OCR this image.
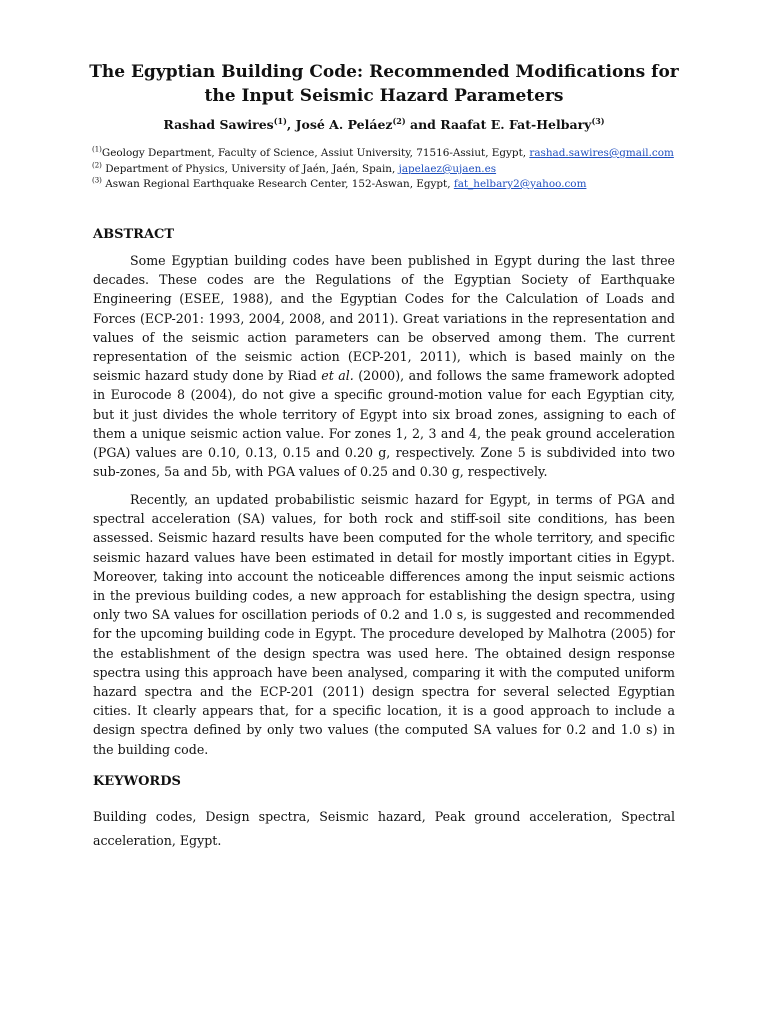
The Egyptian Building Code: Recommended Modifications for
the Input Seismic Hazard Parameters
Rashad Sawires$^{(1)}$, José A. Peláez$^{(2)}$ and Raafat E. Fat-Helbary$^{(3)}$
$^{(1)}$Geology Department, Faculty of Science, Assiut University, 71516-Assiut, Egypt, rashad.sawires@gmail.com
$^{(2)}$ Department of Physics, University of Jaén, Jaén, Spain, japelaez@ujaen.es
$^{(3)}$ Aswan Regional Earthquake Research Center, 152-Aswan, Egypt, fat_helbary2@yahoo.com
ABSTRACT

Some Egyptian building codes have been published in Egypt during the last three decades. These codes are the Regulations of the Egyptian Society of Earthquake Engineering (ESEE, 1988), and the Egyptian Codes for the Calculation of Loads and Forces (ECP-201: 1993, 2004, 2008, and 2011). Great variations in the representation and values of the seismic action parameters can be observed among them. The current representation of the seismic action (ECP-201, 2011), which is based mainly on the seismic hazard study done by Riad et al. (2000), and follows the same framework adopted in Eurocode 8 (2004), do not give a specific ground-motion value for each Egyptian city, but it just divides the whole territory of Egypt into six broad zones, assigning to each of them a unique seismic action value. For zones 1, 2, 3 and 4, the peak ground acceleration (PGA) values are 0.10, 0.13, 0.15 and 0.20 g, respectively. Zone 5 is subdivided into two sub-zones, 5a and 5b, with PGA values of 0.25 and 0.30 g, respectively.

Recently, an updated probabilistic seismic hazard for Egypt, in terms of PGA and spectral acceleration (SA) values, for both rock and stiff-soil site conditions, has been assessed. Seismic hazard results have been computed for the whole territory, and specific seismic hazard values have been estimated in detail for mostly important cities in Egypt. Moreover, taking into account the noticeable differences among the input seismic actions in the previous building codes, a new approach for establishing the design spectra, using only two SA values for oscillation periods of 0.2 and 1.0 s, is suggested and recommended for the upcoming building code in Egypt. The procedure developed by Malhotra (2005) for the establishment of the design spectra was used here. The obtained design response spectra using this approach have been analysed, comparing it with the computed uniform hazard spectra and the ECP-201 (2011) design spectra for several selected Egyptian cities. It clearly appears that, for a specific location, it is a good approach to include a design spectra defined by only two values (the computed SA values for 0.2 and 1.0 s) in the building code.

KEYWORDS

Building codes, Design spectra, Seismic hazard, Peak ground acceleration, Spectral acceleration, Egypt.
